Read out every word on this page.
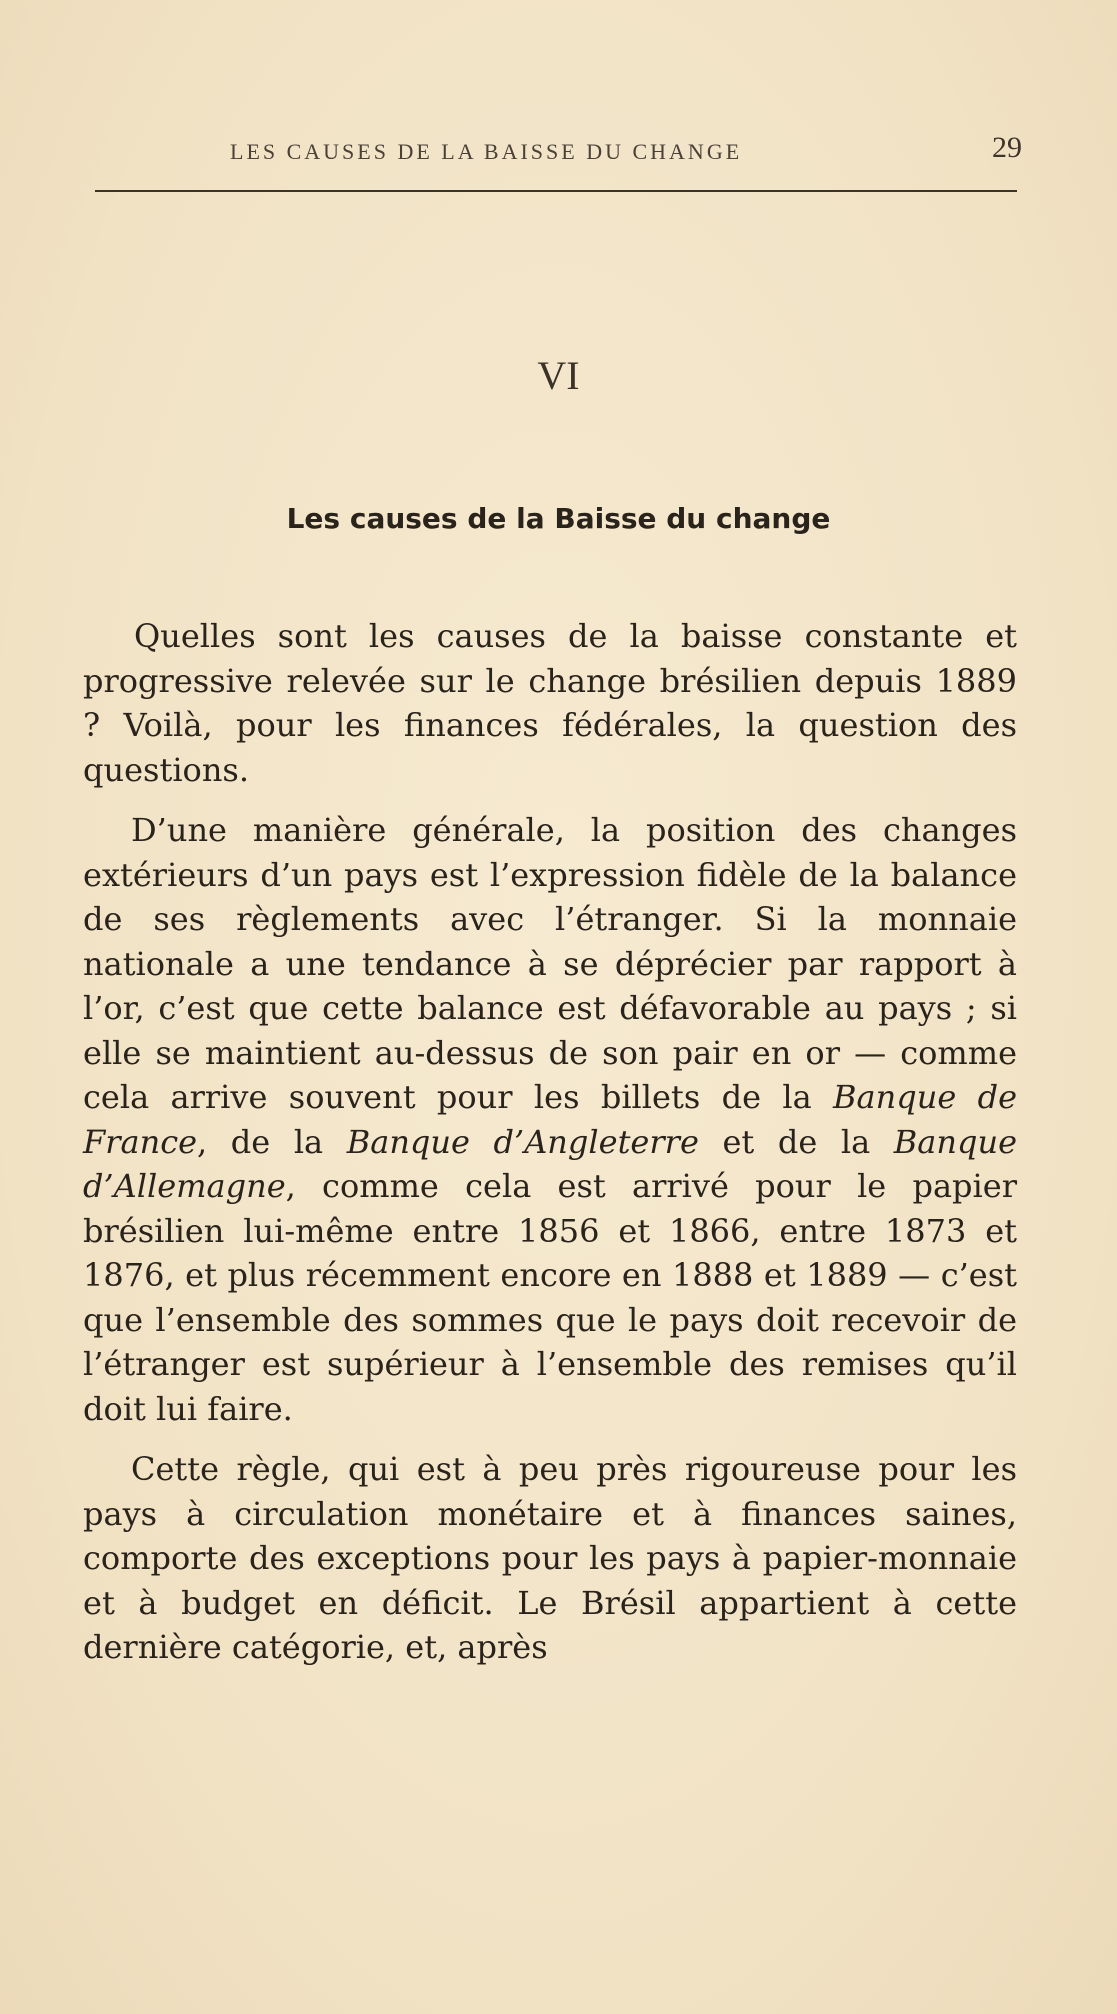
LES CAUSES DE LA BAISSE DU CHANGE	29
VI
Les causes de la Baisse du change

Quelles sont les causes de la baisse constante et progressive relevée sur le change brésilien depuis 1889 ? Voilà, pour les finances fédérales, la question des questions.

D’une manière générale, la position des changes extérieurs d’un pays est l’expression fidèle de la balance de ses règlements avec l’étranger. Si la monnaie nationale a une tendance à se déprécier par rapport à l’or, c’est que cette balance est défavorable au pays ; si elle se maintient au-dessus de son pair en or — comme cela arrive souvent pour les billets de la Banque de France, de la Banque d’Angleterre et de la Banque d’Allemagne, comme cela est arrivé pour le papier brésilien lui-même entre 1856 et 1866, entre 1873 et 1876, et plus récemment encore en 1888 et 1889 — c’est que l’ensemble des sommes que le pays doit recevoir de l’étranger est supérieur à l’ensemble des remises qu’il doit lui faire.

Cette règle, qui est à peu près rigoureuse pour les pays à circulation monétaire et à finances saines, comporte des exceptions pour les pays à papier-monnaie et à budget en déficit. Le Brésil appartient à cette dernière catégorie, et, après
